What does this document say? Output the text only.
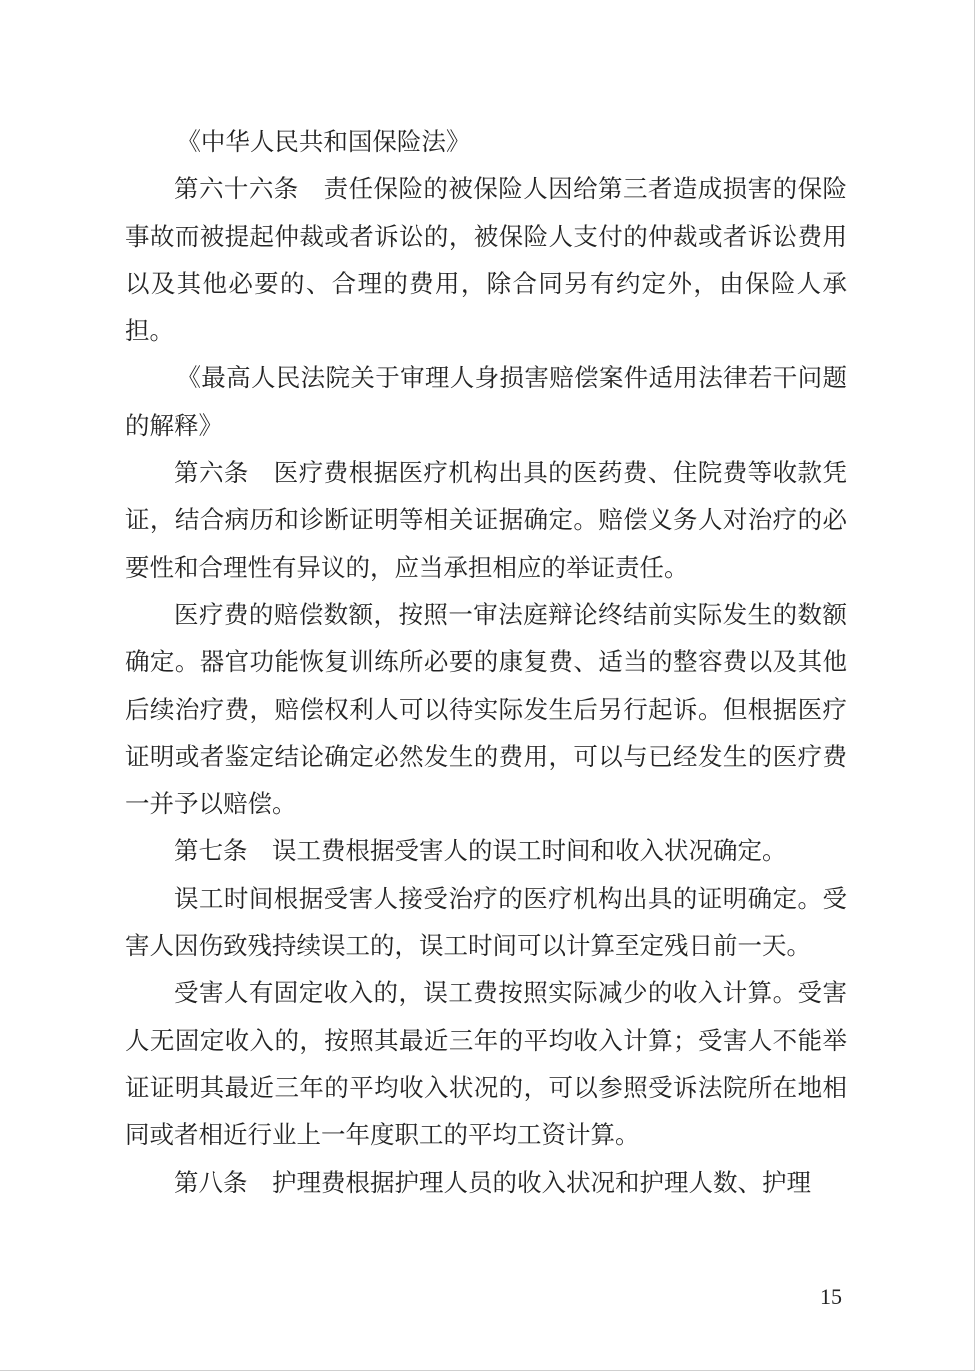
《中华人民共和国保险法》

第六十六条 责任保险的被保险人因给第三者造成损害的保险事故而被提起仲裁或者诉讼的，被保险人支付的仲裁或者诉讼费用以及其他必要的、合理的费用，除合同另有约定外，由保险人承担。

《最高人民法院关于审理人身损害赔偿案件适用法律若干问题的解释》

第六条 医疗费根据医疗机构出具的医药费、住院费等收款凭证，结合病历和诊断证明等相关证据确定。赔偿义务人对治疗的必要性和合理性有异议的，应当承担相应的举证责任。

医疗费的赔偿数额，按照一审法庭辩论终结前实际发生的数额确定。器官功能恢复训练所必要的康复费、适当的整容费以及其他后续治疗费，赔偿权利人可以待实际发生后另行起诉。但根据医疗证明或者鉴定结论确定必然发生的费用，可以与已经发生的医疗费一并予以赔偿。

第七条 误工费根据受害人的误工时间和收入状况确定。

误工时间根据受害人接受治疗的医疗机构出具的证明确定。受害人因伤致残持续误工的，误工时间可以计算至定残日前一天。

受害人有固定收入的，误工费按照实际减少的收入计算。受害人无固定收入的，按照其最近三年的平均收入计算；受害人不能举证证明其最近三年的平均收入状况的，可以参照受诉法院所在地相同或者相近行业上一年度职工的平均工资计算。

第八条 护理费根据护理人员的收入状况和护理人数、护理

15
